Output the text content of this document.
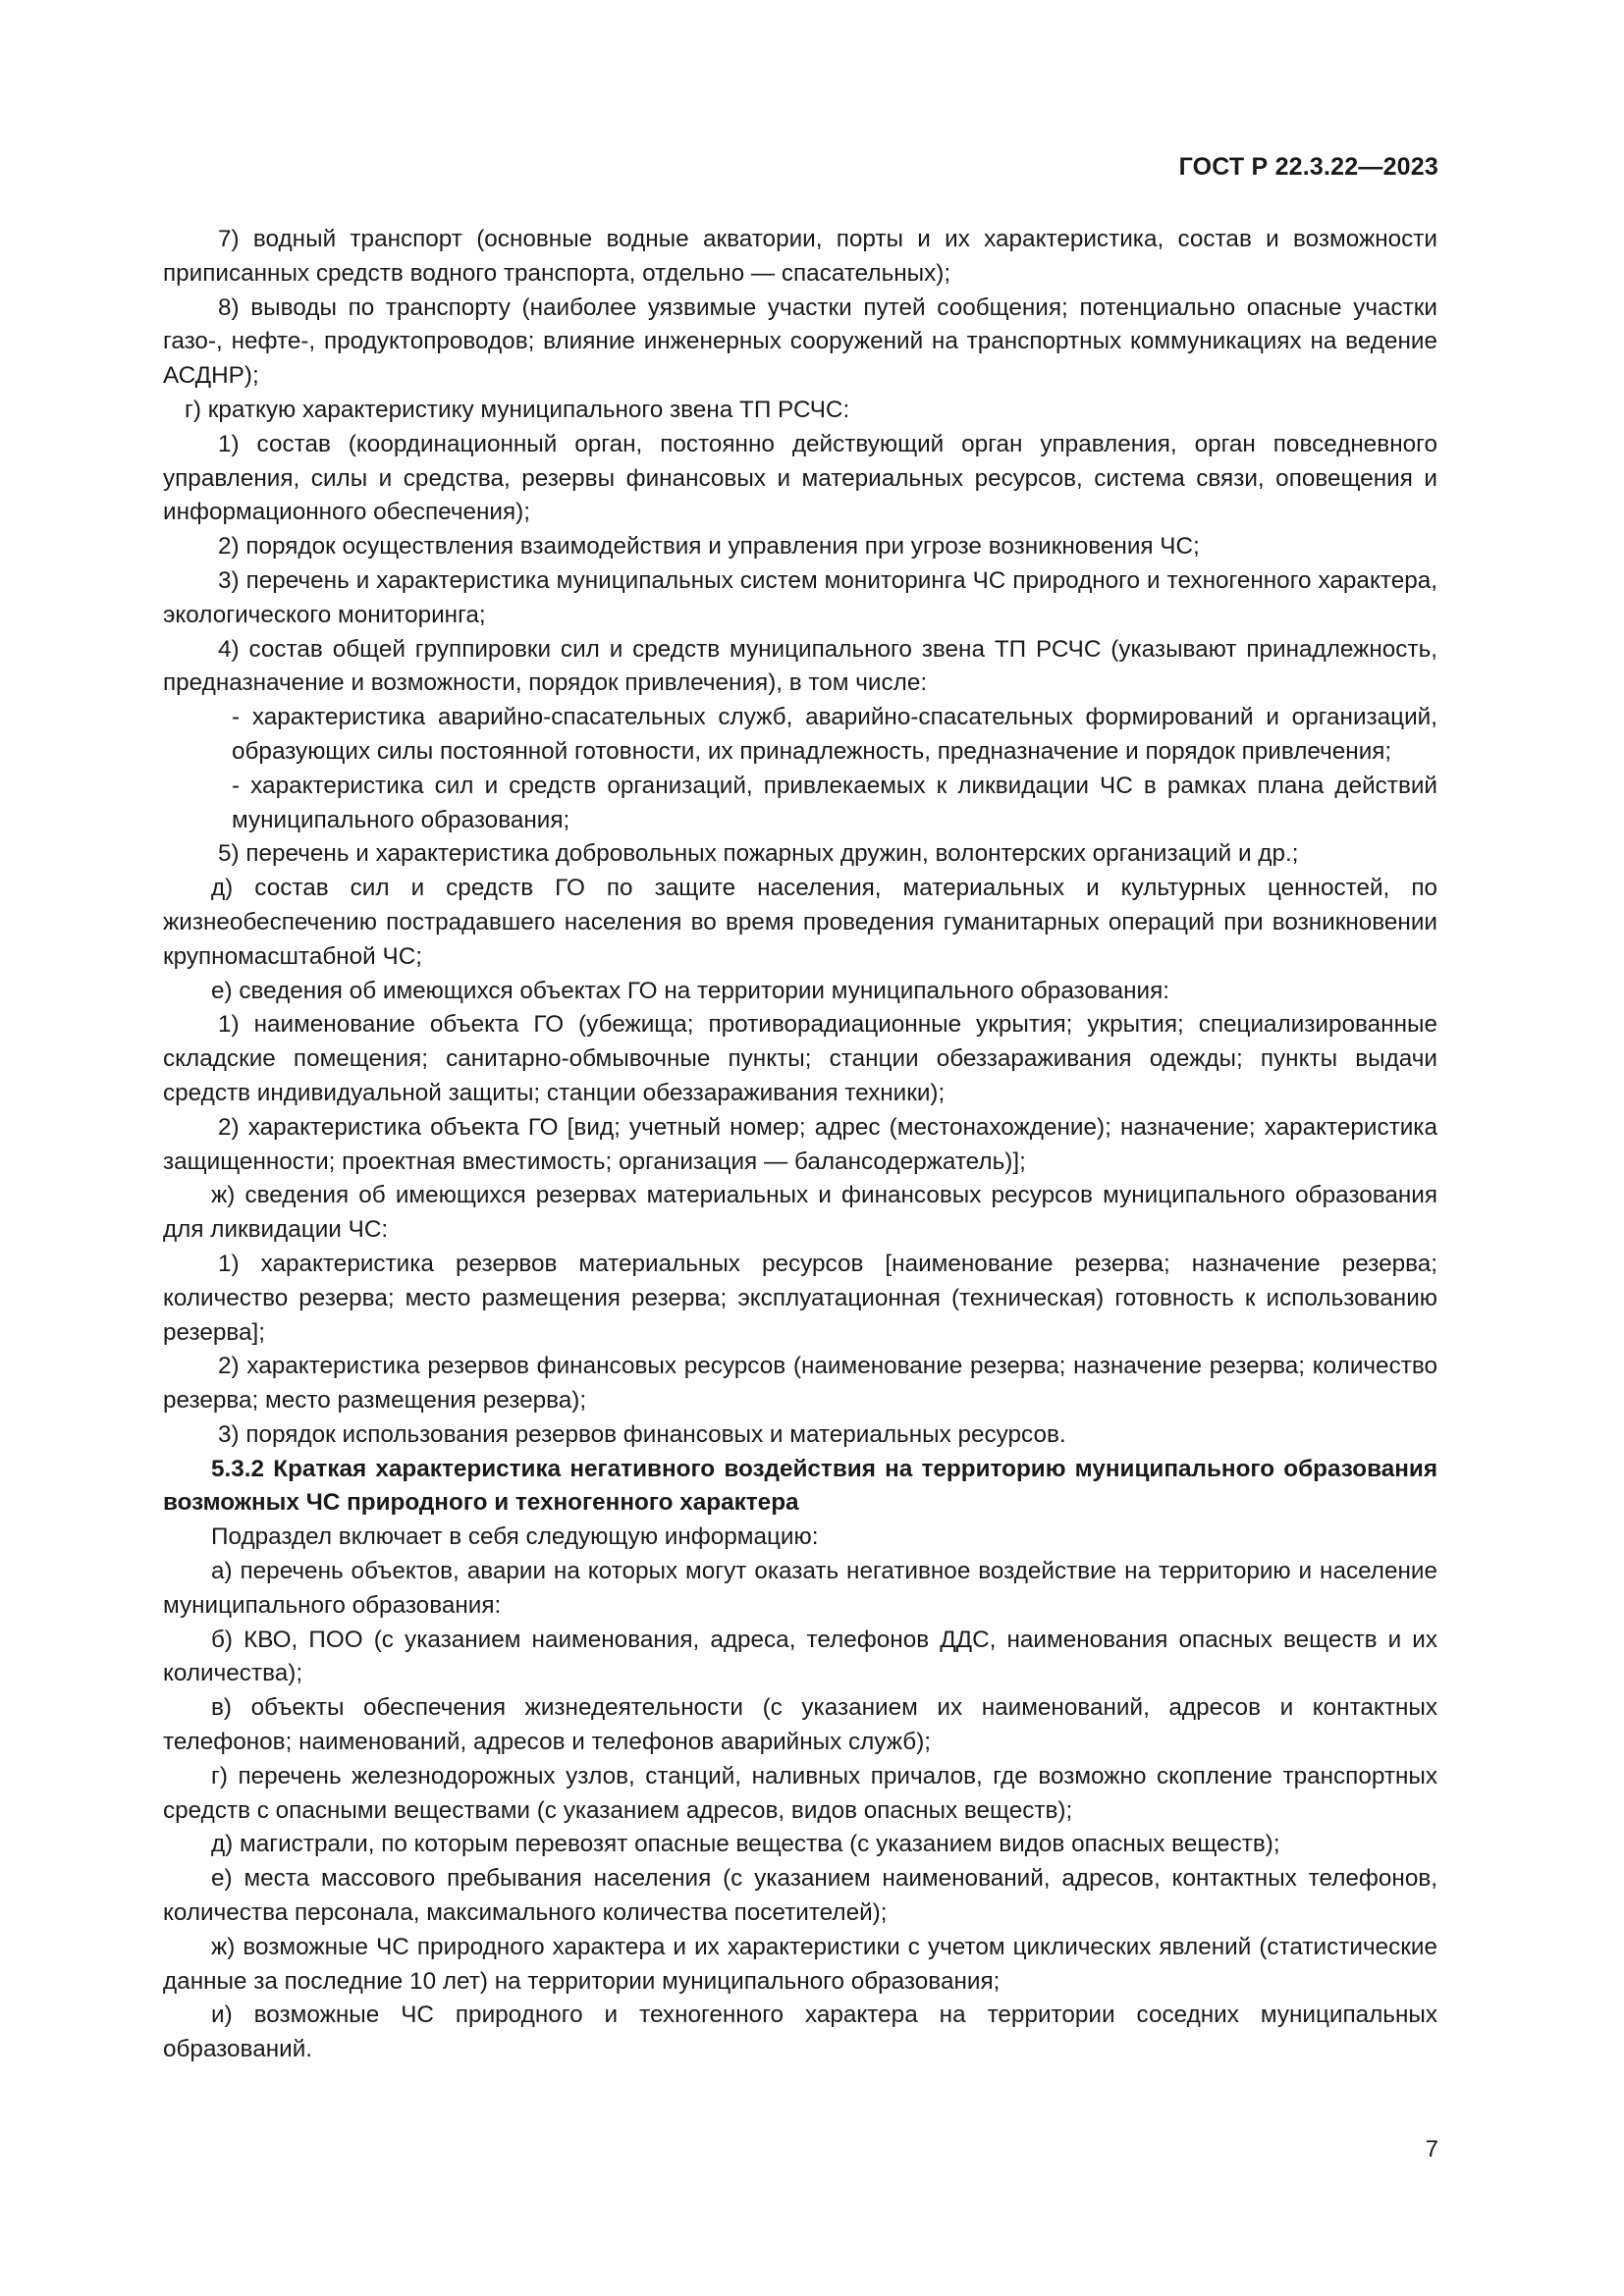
ГОСТ Р 22.3.22—2023

7) водный транспорт (основные водные акватории, порты и их характеристика, состав и возможности приписанных средств водного транспорта, отдельно — спасательных);

8) выводы по транспорту (наиболее уязвимые участки путей сообщения; потенциально опасные участки газо-, нефте-, продуктопроводов; влияние инженерных сооружений на транспортных коммуникациях на ведение АСДНР);

г) краткую характеристику муниципального звена ТП РСЧС:

1) состав (координационный орган, постоянно действующий орган управления, орган повседневного управления, силы и средства, резервы финансовых и материальных ресурсов, система связи, оповещения и информационного обеспечения);

2) порядок осуществления взаимодействия и управления при угрозе возникновения ЧС;

3) перечень и характеристика муниципальных систем мониторинга ЧС природного и техногенного характера, экологического мониторинга;

4) состав общей группировки сил и средств муниципального звена ТП РСЧС (указывают принадлежность, предназначение и возможности, порядок привлечения), в том числе:

- характеристика аварийно-спасательных служб, аварийно-спасательных формирований и организаций, образующих силы постоянной готовности, их принадлежность, предназначение и порядок привлечения;

- характеристика сил и средств организаций, привлекаемых к ликвидации ЧС в рамках плана действий муниципального образования;

5) перечень и характеристика добровольных пожарных дружин, волонтерских организаций и др.;

д) состав сил и средств ГО по защите населения, материальных и культурных ценностей, по жизнеобеспечению пострадавшего населения во время проведения гуманитарных операций при возникновении крупномасштабной ЧС;

е) сведения об имеющихся объектах ГО на территории муниципального образования:

1) наименование объекта ГО (убежища; противорадиационные укрытия; укрытия; специализированные складские помещения; санитарно-обмывочные пункты; станции обеззараживания одежды; пункты выдачи средств индивидуальной защиты; станции обеззараживания техники);

2) характеристика объекта ГО [вид; учетный номер; адрес (местонахождение); назначение; характеристика защищенности; проектная вместимость; организация — балансодержатель)];

ж) сведения об имеющихся резервах материальных и финансовых ресурсов муниципального образования для ликвидации ЧС:

1) характеристика резервов материальных ресурсов [наименование резерва; назначение резерва; количество резерва; место размещения резерва; эксплуатационная (техническая) готовность к использованию резерва];

2) характеристика резервов финансовых ресурсов (наименование резерва; назначение резерва; количество резерва; место размещения резерва);

3) порядок использования резервов финансовых и материальных ресурсов.

5.3.2 Краткая характеристика негативного воздействия на территорию муниципального образования возможных ЧС природного и техногенного характера

Подраздел включает в себя следующую информацию:

а) перечень объектов, аварии на которых могут оказать негативное воздействие на территорию и население муниципального образования:

б) КВО, ПОО (с указанием наименования, адреса, телефонов ДДС, наименования опасных веществ и их количества);

в) объекты обеспечения жизнедеятельности (с указанием их наименований, адресов и контактных телефонов; наименований, адресов и телефонов аварийных служб);

г) перечень железнодорожных узлов, станций, наливных причалов, где возможно скопление транспортных средств с опасными веществами (с указанием адресов, видов опасных веществ);

д) магистрали, по которым перевозят опасные вещества (с указанием видов опасных веществ);

е) места массового пребывания населения (с указанием наименований, адресов, контактных телефонов, количества персонала, максимального количества посетителей);

ж) возможные ЧС природного характера и их характеристики с учетом циклических явлений (статистические данные за последние 10 лет) на территории муниципального образования;

и) возможные ЧС природного и техногенного характера на территории соседних муниципальных образований.

7
